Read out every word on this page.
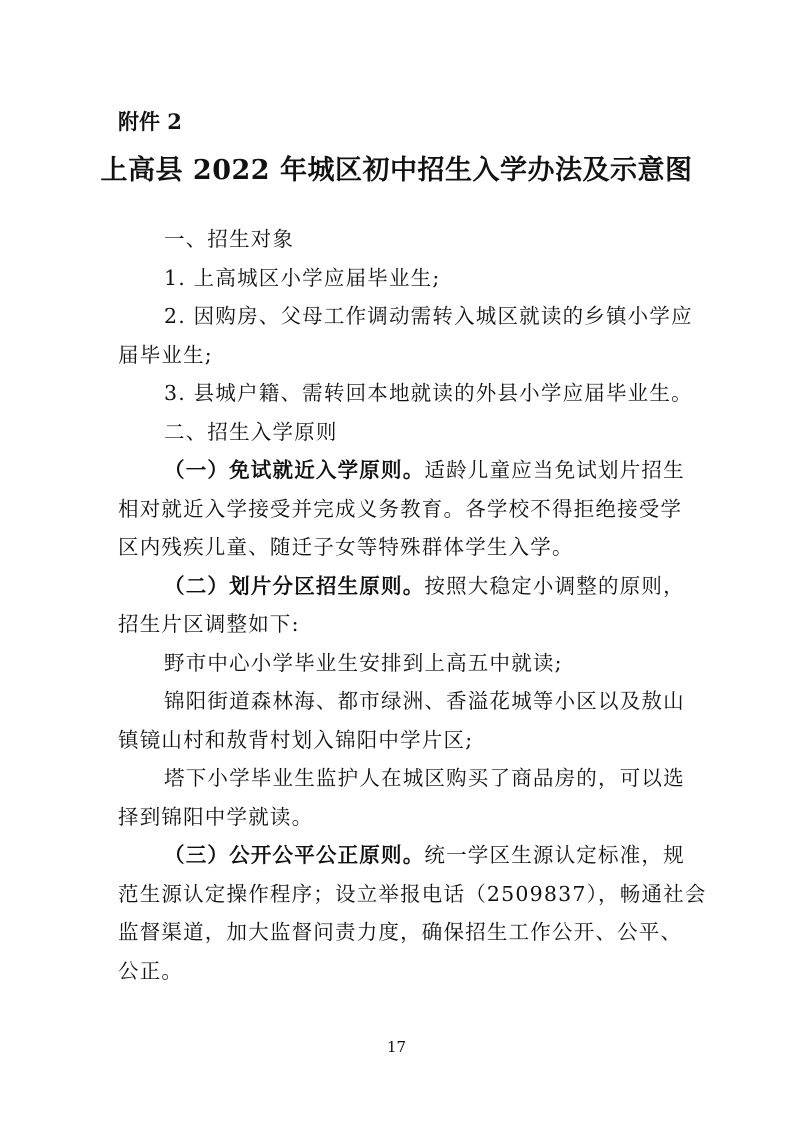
附件 2
上高县 2022 年城区初中招生入学办法及示意图
一、招生对象
1. 上高城区小学应届毕业生;
2. 因购房、父母工作调动需转入城区就读的乡镇小学应
届毕业生;
3. 县城户籍、需转回本地就读的外县小学应届毕业生。
二、招生入学原则
（一）免试就近入学原则。适龄儿童应当免试划片招生
相对就近入学接受并完成义务教育。各学校不得拒绝接受学
区内残疾儿童、随迁子女等特殊群体学生入学。
（二）划片分区招生原则。按照大稳定小调整的原则，
招生片区调整如下:
野市中心小学毕业生安排到上高五中就读;
锦阳街道森林海、都市绿洲、香溢花城等小区以及敖山
镇镜山村和敖背村划入锦阳中学片区;
塔下小学毕业生监护人在城区购买了商品房的，可以选
择到锦阳中学就读。
（三）公开公平公正原则。统一学区生源认定标准，规
范生源认定操作程序；设立举报电话（2509837），畅通社会
监督渠道，加大监督问责力度，确保招生工作公开、公平、
公正。
17
